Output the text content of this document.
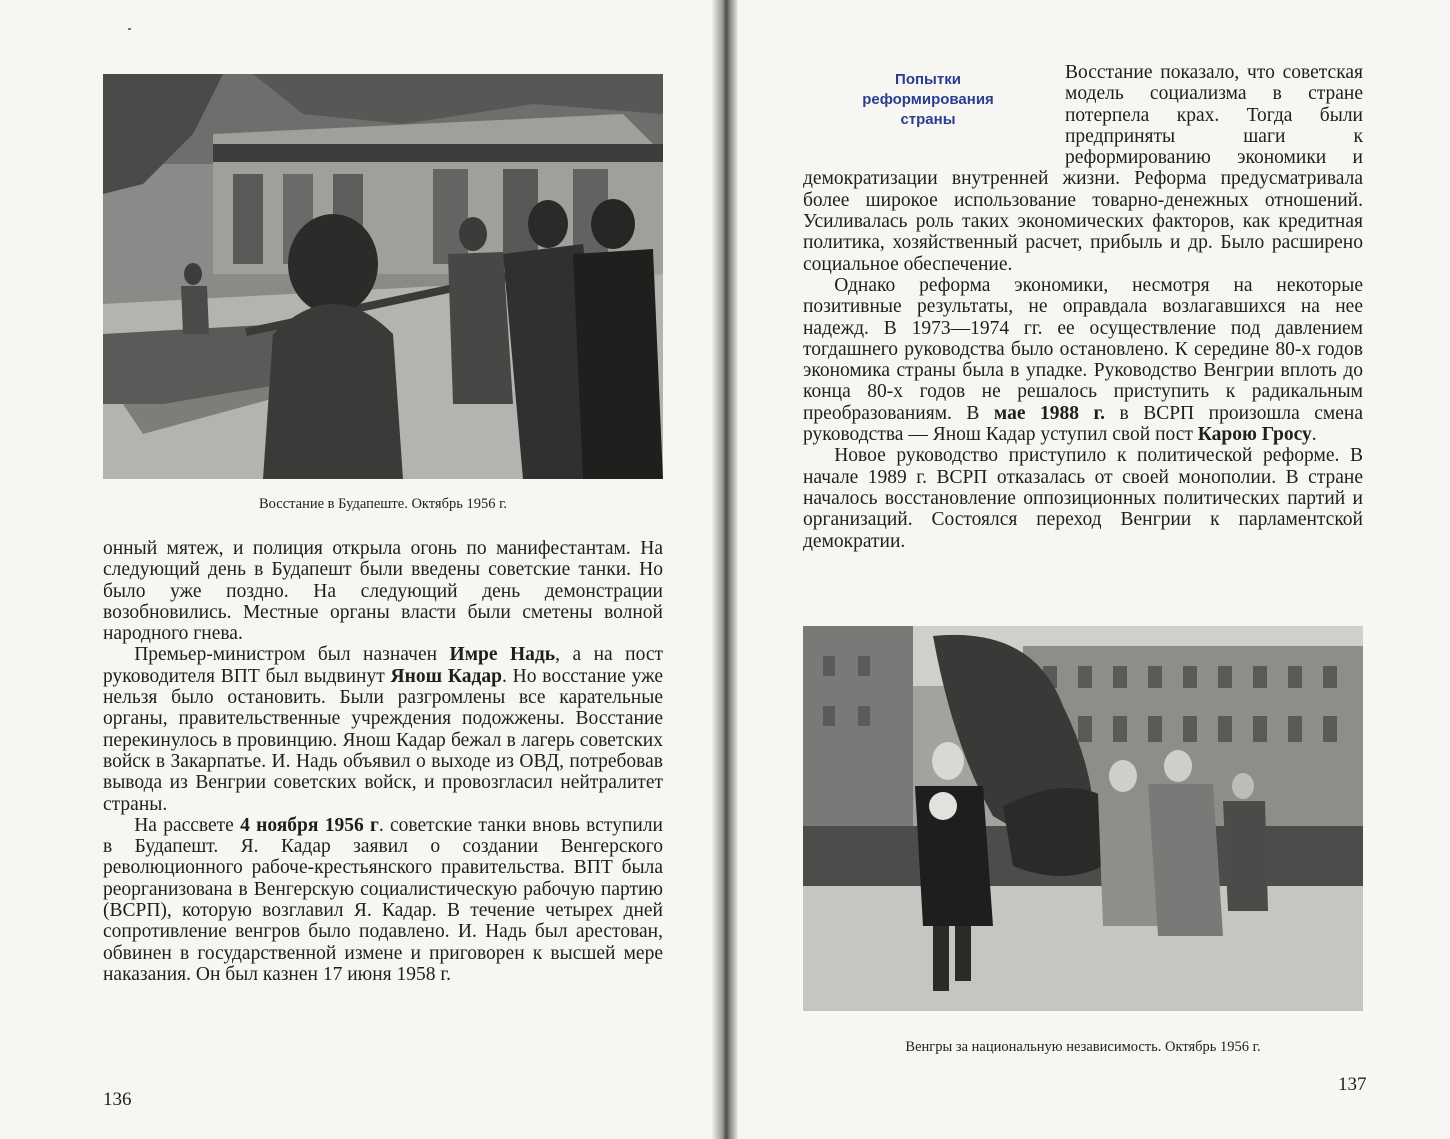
Восстание в Будапеште. Октябрь 1956 г.

онный мятеж, и полиция открыла огонь по манифестантам. На следующий день в Будапешт были введены советские танки. Но было уже поздно. На следующий день демонстрации возобновились. Местные органы власти были сметены волной народного гнева.

Премьер-министром был назначен Имре Надь, а на пост руководителя ВПТ был выдвинут Янош Кадар. Но восстание уже нельзя было остановить. Были разгромлены все карательные органы, правительственные учреждения подожжены. Восстание перекинулось в провинцию. Янош Кадар бежал в лагерь советских войск в Закарпатье. И. Надь объявил о выходе из ОВД, потребовав вывода из Венгрии советских войск, и провозгласил нейтралитет страны.

На рассвете 4 ноября 1956 г. советские танки вновь вступили в Будапешт. Я. Кадар заявил о создании Венгерского революционного рабоче-крестьянского правительства. ВПТ была реорганизована в Венгерскую социалистическую рабочую партию (ВСРП), которую возглавил Я. Кадар. В течение четырех дней сопротивление венгров было подавлено. И. Надь был арестован, обвинен в государственной измене и приговорен к высшей мере наказания. Он был казнен 17 июня 1958 г.

136
Попытки
реформирования
страны

Восстание показало, что советская модель социализма в стране потерпела крах. Тогда были предприняты шаги к реформированию экономики и демократизации внутренней жизни. Реформа предусматривала более широкое использование товарно-денежных отношений. Усиливалась роль таких экономических факторов, как кредитная политика, хозяйственный расчет, прибыль и др. Было расширено социальное обеспечение.

Однако реформа экономики, несмотря на некоторые позитивные результаты, не оправдала возлагавшихся на нее надежд. В 1973—1974 гг. ее осуществление под давлением тогдашнего руководства было остановлено. К середине 80-х годов экономика страны была в упадке. Руководство Венгрии вплоть до конца 80-х годов не решалось приступить к радикальным преобразованиям. В мае 1988 г. в ВСРП произошла смена руководства — Янош Кадар уступил свой пост Карою Гросу.

Новое руководство приступило к политической реформе. В начале 1989 г. ВСРП отказалась от своей монополии. В стране началось восстановление оппозиционных политических партий и организаций. Состоялся переход Венгрии к парламентской демократии.

Венгры за национальную независимость. Октябрь 1956 г.
137
